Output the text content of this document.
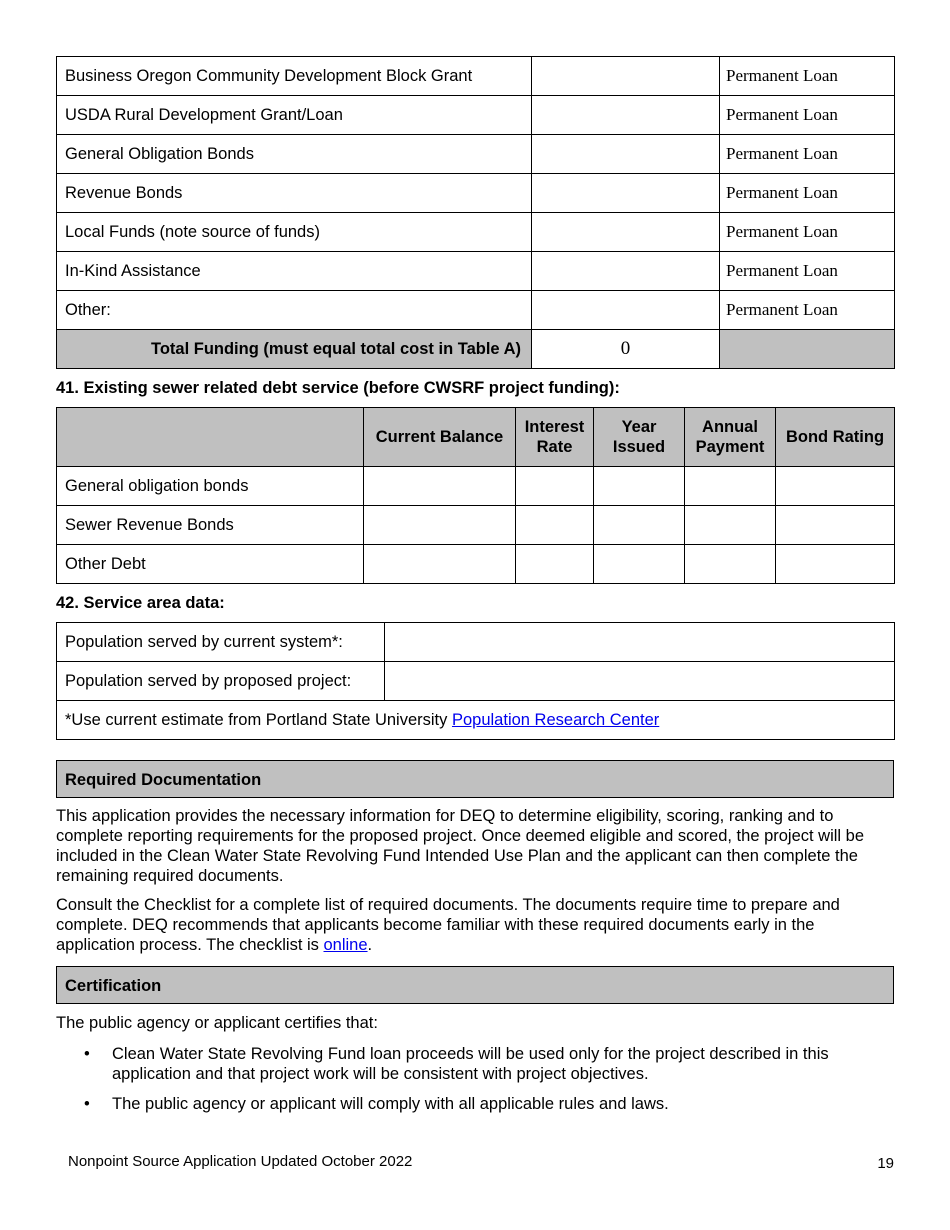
Business Oregon Community Development Block Grant		Permanent Loan
USDA Rural Development Grant/Loan		Permanent Loan
General Obligation Bonds		Permanent Loan
Revenue Bonds		Permanent Loan
Local Funds (note source of funds)		Permanent Loan
In-Kind Assistance		Permanent Loan
Other:		Permanent Loan
Total Funding (must equal total cost in Table A)	0	
41. Existing sewer related debt service (before CWSRF project funding):
	Current Balance	Interest Rate	Year Issued	Annual Payment	Bond Rating
General obligation bonds					
Sewer Revenue Bonds					
Other Debt					
42. Service area data:
Population served by current system*:	
Population served by proposed project:	
*Use current estimate from Portland State University Population Research Center	
Required Documentation

This application provides the necessary information for DEQ to determine eligibility, scoring, ranking and to complete reporting requirements for the proposed project. Once deemed eligible and scored, the project will be included in the Clean Water State Revolving Fund Intended Use Plan and the applicant can then complete the remaining required documents.

Consult the Checklist for a complete list of required documents. The documents require time to prepare and complete. DEQ recommends that applicants become familiar with these required documents early in the application process. The checklist is online.

Certification

The public agency or applicant certifies that:

• Clean Water State Revolving Fund loan proceeds will be used only for the project described in this application and that project work will be consistent with project objectives.
• The public agency or applicant will comply with all applicable rules and laws.
Nonpoint Source Application Updated October 2022	19
